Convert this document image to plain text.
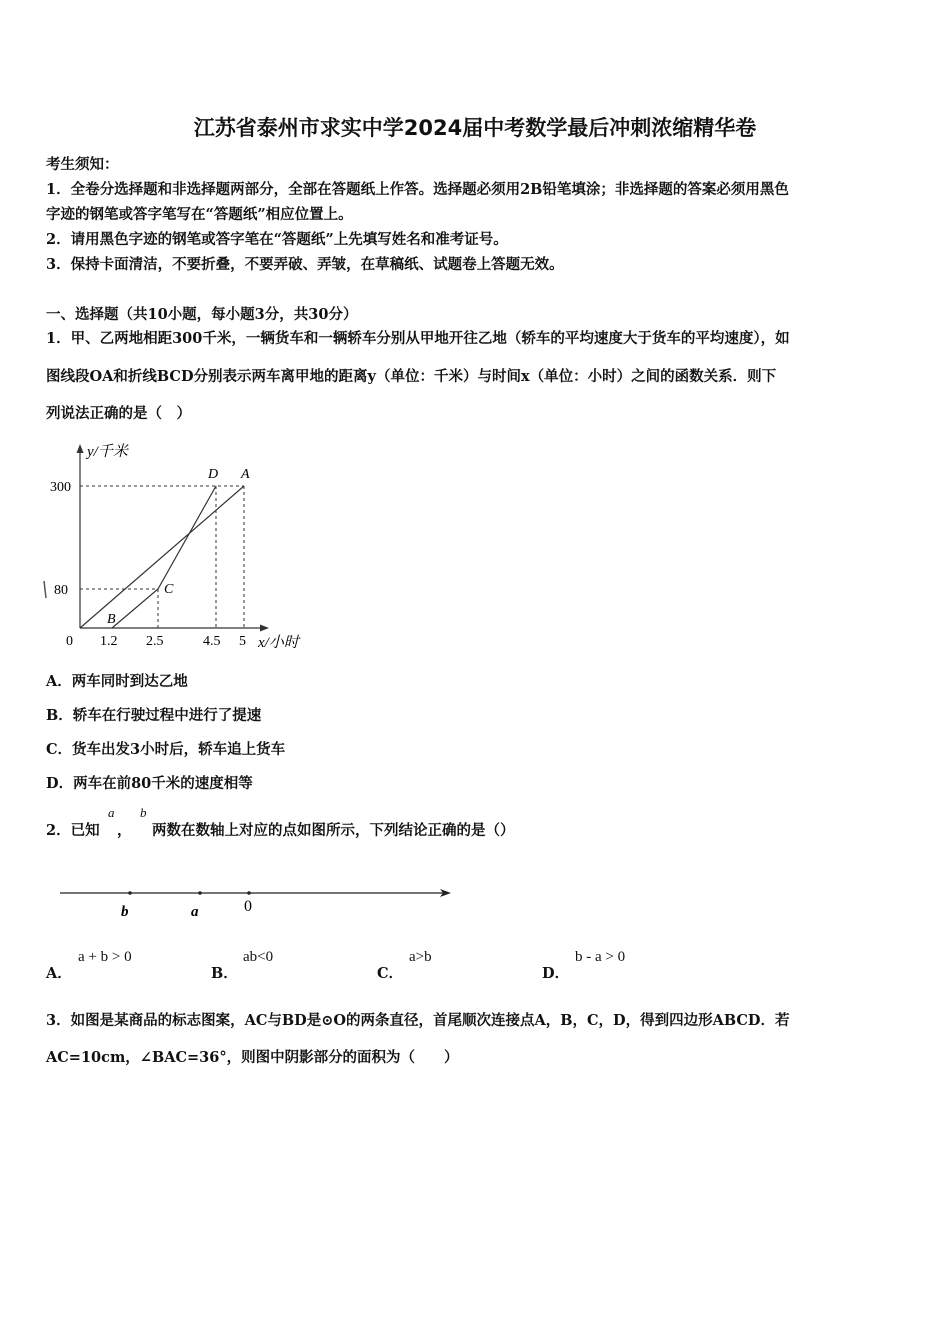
江苏省泰州市求实中学2024届中考数学最后冲刺浓缩精华卷
考生须知：
1．全卷分选择题和非选择题两部分，全部在答题纸上作答。选择题必须用2B铅笔填涂；非选择题的答案必须用黑色
字迹的钢笔或答字笔写在“答题纸”相应位置上。
2．请用黑色字迹的钢笔或答字笔在“答题纸”上先填写姓名和准考证号。
3．保持卡面清洁，不要折叠，不要弄破、弄皱，在草稿纸、试题卷上答题无效。
一、选择题（共10小题，每小题3分，共30分）
1．甲、乙两地相距300千米，一辆货车和一辆轿车分别从甲地开往乙地（轿车的平均速度大于货车的平均速度），如
图线段OA和折线BCD分别表示两车离甲地的距离y（单位：千米）与时间x（单位：小时）之间的函数关系．则下
列说法正确的是（　）
y/千米
x/小时
0
300
80
1.2 2.5	4.5 5
A
B
C
D
A．两车同时到达乙地
B．轿车在行驶过程中进行了提速
C．货车出发3小时后，轿车追上货车
D．两车在前80千米的速度相等
2．已知
a
，
b
两数在数轴上对应的点如图所示，下列结论正确的是（）
b	a	0
A．
a + b > 0
B．
ab<0
C．
a>b
D．
b - a > 0
3．如图是某商品的标志图案，AC与BD是⊙O的两条直径，首尾顺次连接点A，B，C，D，得到四边形ABCD．若
AC=10cm，∠BAC=36°，则图中阴影部分的面积为（　　）
